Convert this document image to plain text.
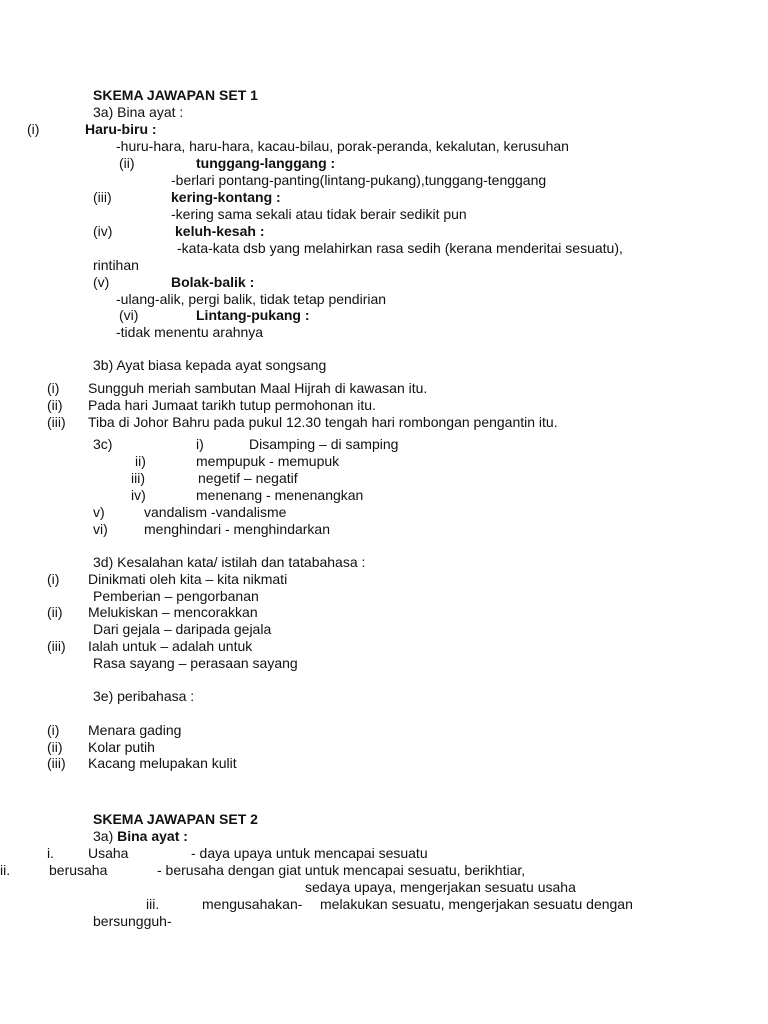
SKEMA JAWAPAN SET 1
3a) Bina ayat :
(i)	Haru-biru :
-huru-hara, haru-hara, kacau-bilau, porak-peranda, kekalutan, kerusuhan
(ii)	tunggang-langgang :
-berlari pontang-panting(lintang-pukang),tunggang-tenggang
(iii)	kering-kontang :
-kering sama sekali atau tidak berair sedikit pun
(iv)	keluh-kesah :
-kata-kata dsb yang melahirkan rasa sedih (kerana menderitai sesuatu),
rintihan
(v)	Bolak-balik :
-ulang-alik, pergi balik, tidak tetap pendirian
(vi)	Lintang-pukang :
-tidak menentu arahnya
3b) Ayat biasa kepada ayat songsang
(i) Sungguh meriah sambutan Maal Hijrah di kawasan itu.
(ii) Pada hari Jumaat tarikh tutup permohonan itu.
(iii) Tiba di Johor Bahru pada pukul 12.30 tengah hari rombongan pengantin itu.
3c)	i)	Disamping – di samping
ii)	mempupuk - memupuk
iii)	negetif – negatif
iv)	menenang - menenangkan
v)	vandalism -vandalisme
vi)	menghindari - menghindarkan
3d) Kesalahan kata/ istilah dan tatabahasa :
(i) Dinikmati oleh kita – kita nikmati
Pemberian – pengorbanan
(ii) Melukiskan – mencorakkan
Dari gejala – daripada gejala
(iii) Ialah untuk – adalah untuk
Rasa sayang – perasaan sayang
3e) peribahasa :
(i) Menara gading
(ii) Kolar putih
(iii) Kacang melupakan kulit
SKEMA JAWAPAN SET 2
3a) Bina ayat :
i. Usaha	- daya upaya untuk mencapai sesuatu
ii.	berusaha	- berusaha dengan giat untuk mencapai sesuatu, berikhtiar,
sedaya upaya, mengerjakan sesuatu usaha
iii.	mengusahakan- melakukan sesuatu, mengerjakan sesuatu dengan
bersungguh-
